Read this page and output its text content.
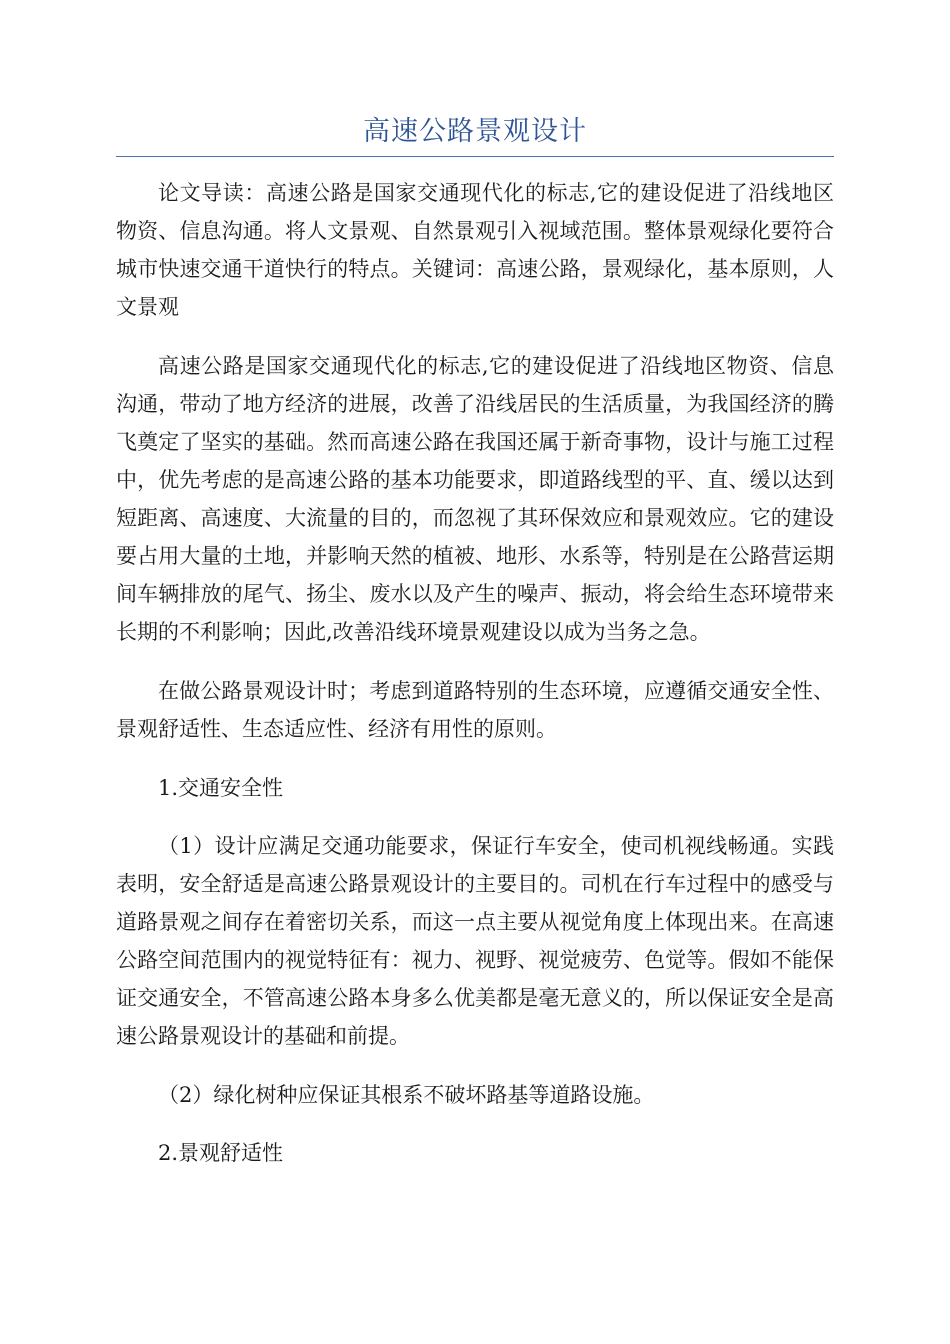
高速公路景观设计

论文导读：高速公路是国家交通现代化的标志,它的建设促进了沿线地区物资、信息沟通。将人文景观、自然景观引入视域范围。整体景观绿化要符合城市快速交通干道快行的特点。关键词：高速公路，景观绿化，基本原则，人文景观

高速公路是国家交通现代化的标志,它的建设促进了沿线地区物资、信息沟通，带动了地方经济的进展，改善了沿线居民的生活质量，为我国经济的腾飞奠定了坚实的基础。然而高速公路在我国还属于新奇事物，设计与施工过程中，优先考虑的是高速公路的基本功能要求，即道路线型的平、直、缓以达到短距离、高速度、大流量的目的，而忽视了其环保效应和景观效应。它的建设要占用大量的土地，并影响天然的植被、地形、水系等，特别是在公路营运期间车辆排放的尾气、扬尘、废水以及产生的噪声、振动，将会给生态环境带来长期的不利影响；因此,改善沿线环境景观建设以成为当务之急。

在做公路景观设计时；考虑到道路特别的生态环境，应遵循交通安全性、景观舒适性、生态适应性、经济有用性的原则。

1.交通安全性

（1）设计应满足交通功能要求，保证行车安全，使司机视线畅通。实践表明，安全舒适是高速公路景观设计的主要目的。司机在行车过程中的感受与道路景观之间存在着密切关系，而这一点主要从视觉角度上体现出来。在高速公路空间范围内的视觉特征有：视力、视野、视觉疲劳、色觉等。假如不能保证交通安全，不管高速公路本身多么优美都是毫无意义的，所以保证安全是高速公路景观设计的基础和前提。

（2）绿化树种应保证其根系不破坏路基等道路设施。

2.景观舒适性
